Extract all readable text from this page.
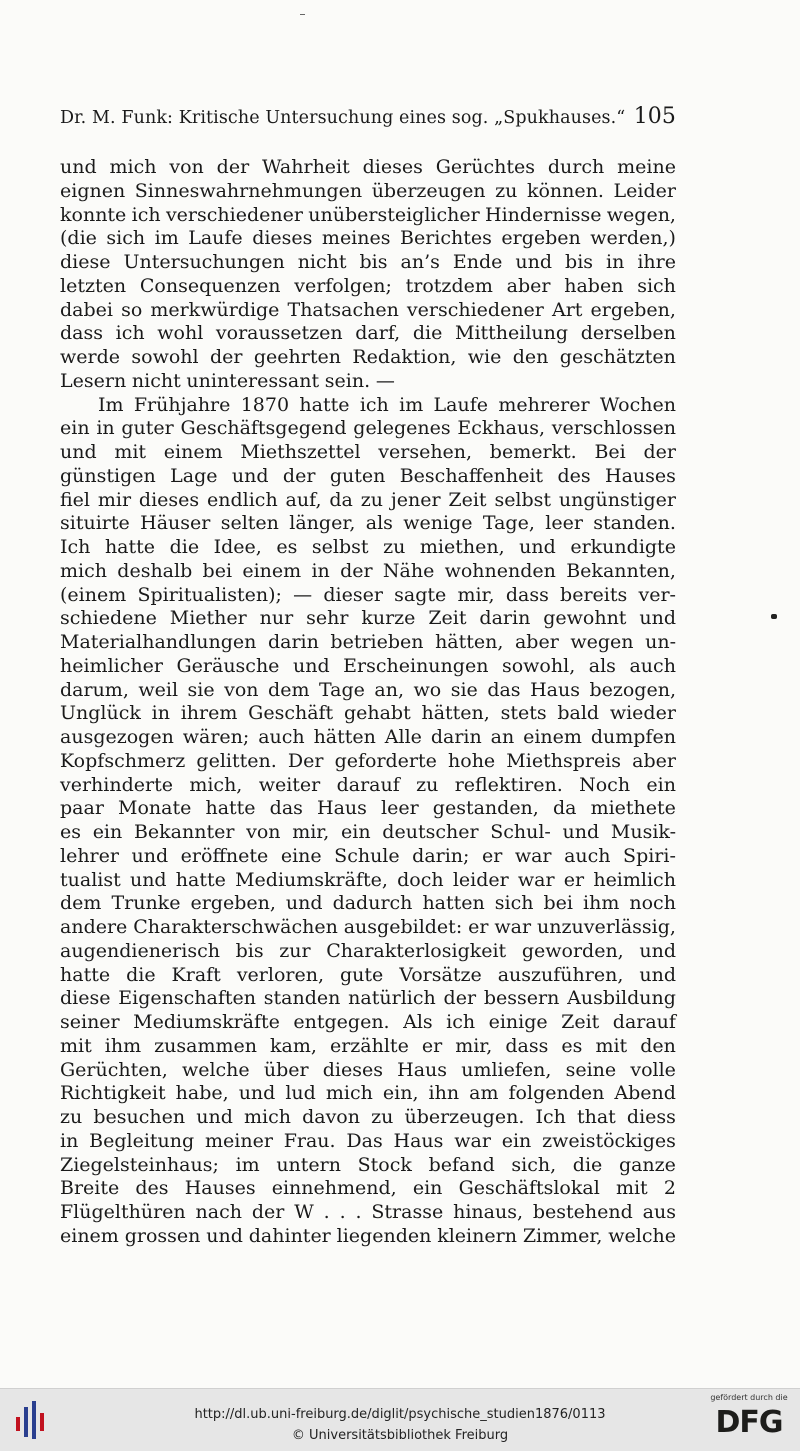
Dr. M. Funk: Kritische Untersuchung eines sog. „Spukhauses.“ 105
und mich von der Wahrheit dieses Gerüchtes durch meine
eignen Sinneswahrnehmungen überzeugen zu können. Leider
konnte ich verschiedener unübersteiglicher Hindernisse wegen,
(die sich im Laufe dieses meines Berichtes ergeben werden,)
diese Untersuchungen nicht bis an’s Ende und bis in ihre
letzten Consequenzen verfolgen; trotzdem aber haben sich
dabei so merkwürdige Thatsachen verschiedener Art ergeben,
dass ich wohl voraussetzen darf, die Mittheilung derselben
werde sowohl der geehrten Redaktion, wie den geschätzten
Lesern nicht uninteressant sein. —
Im Frühjahre 1870 hatte ich im Laufe mehrerer Wochen
ein in guter Geschäftsgegend gelegenes Eckhaus, verschlossen
und mit einem Miethszettel versehen, bemerkt. Bei der
günstigen Lage und der guten Beschaffenheit des Hauses
fiel mir dieses endlich auf, da zu jener Zeit selbst ungünstiger
situirte Häuser selten länger, als wenige Tage, leer standen.
Ich hatte die Idee, es selbst zu miethen, und erkundigte
mich deshalb bei einem in der Nähe wohnenden Bekannten,
(einem Spiritualisten); — dieser sagte mir, dass bereits ver-
schiedene Miether nur sehr kurze Zeit darin gewohnt und
Materialhandlungen darin betrieben hätten, aber wegen un-
heimlicher Geräusche und Erscheinungen sowohl, als auch
darum, weil sie von dem Tage an, wo sie das Haus bezogen,
Unglück in ihrem Geschäft gehabt hätten, stets bald wieder
ausgezogen wären; auch hätten Alle darin an einem dumpfen
Kopfschmerz gelitten. Der geforderte hohe Miethspreis aber
verhinderte mich, weiter darauf zu reflektiren. Noch ein
paar Monate hatte das Haus leer gestanden, da miethete
es ein Bekannter von mir, ein deutscher Schul- und Musik-
lehrer und eröffnete eine Schule darin; er war auch Spiri-
tualist und hatte Mediumskräfte, doch leider war er heimlich
dem Trunke ergeben, und dadurch hatten sich bei ihm noch
andere Charakterschwächen ausgebildet: er war unzuverlässig,
augendienerisch bis zur Charakterlosigkeit geworden, und
hatte die Kraft verloren, gute Vorsätze auszuführen, und
diese Eigenschaften standen natürlich der bessern Ausbildung
seiner Mediumskräfte entgegen. Als ich einige Zeit darauf
mit ihm zusammen kam, erzählte er mir, dass es mit den
Gerüchten, welche über dieses Haus umliefen, seine volle
Richtigkeit habe, und lud mich ein, ihn am folgenden Abend
zu besuchen und mich davon zu überzeugen. Ich that diess
in Begleitung meiner Frau. Das Haus war ein zweistöckiges
Ziegelsteinhaus; im untern Stock befand sich, die ganze
Breite des Hauses einnehmend, ein Geschäftslokal mit 2
Flügelthüren nach der W . . . Strasse hinaus, bestehend aus
einem grossen und dahinter liegenden kleinern Zimmer, welche
http://dl.ub.uni-freiburg.de/diglit/psychische_studien1876/0113
© Universitätsbibliothek Freiburg
gefördert durch die
DFG
